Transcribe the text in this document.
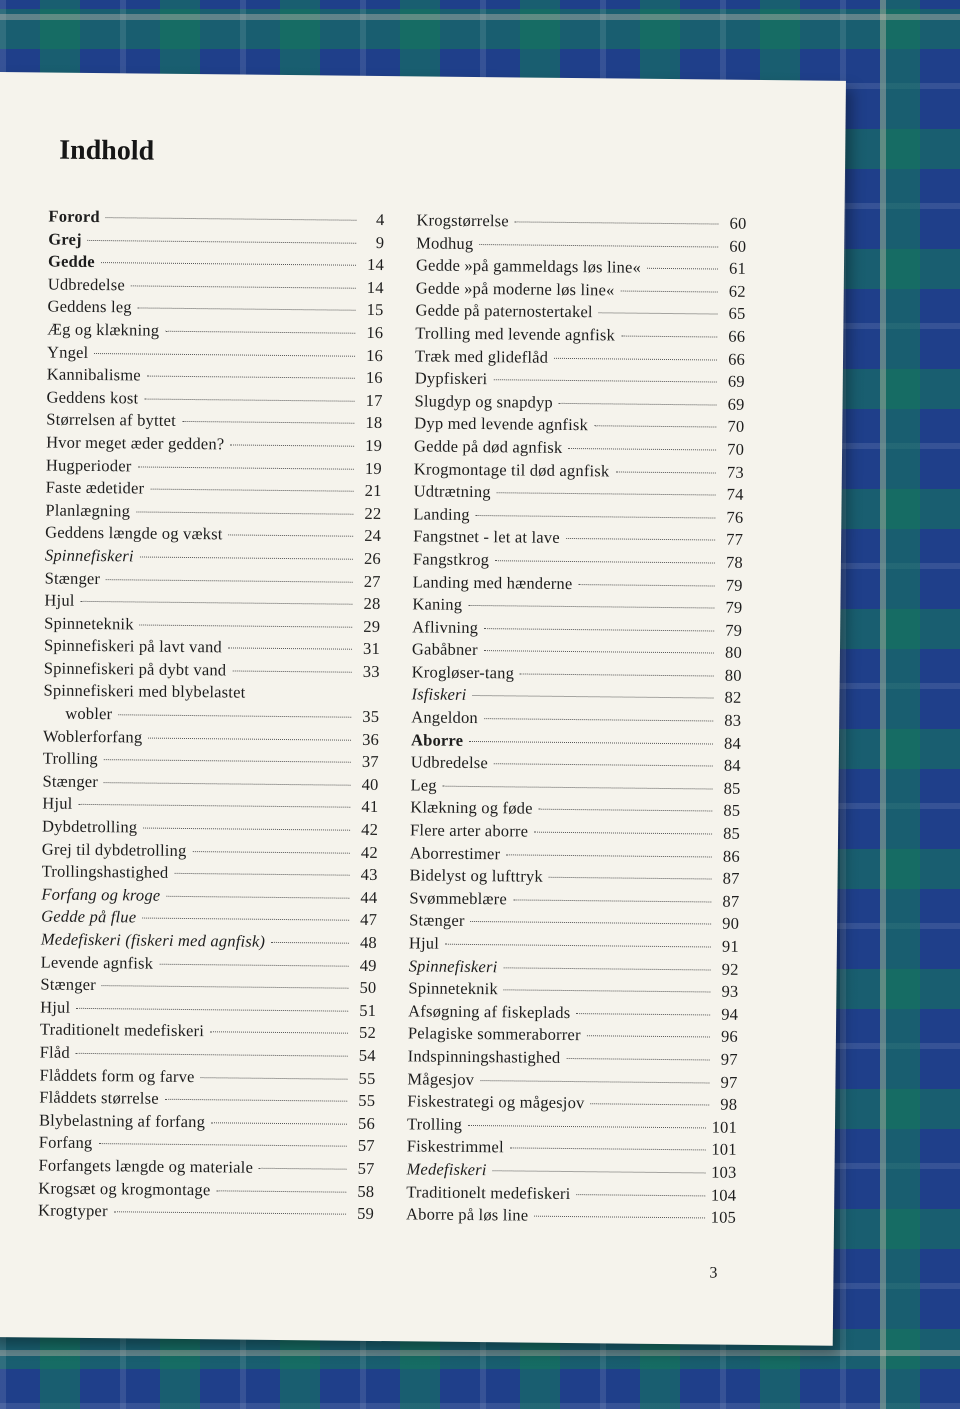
Indhold
Forord	4
Grej	9
Gedde	14
Udbredelse	14
Geddens leg	15
Æg og klækning	16
Yngel	16
Kannibalisme	16
Geddens kost	17
Størrelsen af byttet	18
Hvor meget æder gedden?	19
Hugperioder	19
Faste ædetider	21
Planlægning	22
Geddens længde og vækst	24
Spinnefiskeri	26
Stænger	27
Hjul	28
Spinneteknik	29
Spinnefiskeri på lavt vand	31
Spinnefiskeri på dybt vand	33
Spinnefiskeri med blybelastet
wobler	35
Woblerforfang	36
Trolling	37
Stænger	40
Hjul	41
Dybdetrolling	42
Grej til dybdetrolling	42
Trollingshastighed	43
Forfang og kroge	44
Gedde på flue	47
Medefiskeri (fiskeri med agnfisk)	48
Levende agnfisk	49
Stænger	50
Hjul	51
Traditionelt medefiskeri	52
Flåd	54
Flåddets form og farve	55
Flåddets størrelse	55
Blybelastning af forfang	56
Forfang	57
Forfangets længde og materiale	57
Krogsæt og krogmontage	58
Krogtyper	59
Krogstørrelse	60
Modhug	60
Gedde »på gammeldags løs line«	61
Gedde »på moderne løs line«	62
Gedde på paternostertakel	65
Trolling med levende agnfisk	66
Træk med glideflåd	66
Dypfiskeri	69
Slugdyp og snapdyp	69
Dyp med levende agnfisk	70
Gedde på død agnfisk	70
Krogmontage til død agnfisk	73
Udtrætning	74
Landing	76
Fangstnet - let at lave	77
Fangstkrog	78
Landing med hænderne	79
Kaning	79
Aflivning	79
Gabåbner	80
Krogløser-tang	80
Isfiskeri	82
Angeldon	83
Aborre	84
Udbredelse	84
Leg	85
Klækning og føde	85
Flere arter aborre	85
Aborrestimer	86
Bidelyst og lufttryk	87
Svømmeblære	87
Stænger	90
Hjul	91
Spinnefiskeri	92
Spinneteknik	93
Afsøgning af fiskeplads	94
Pelagiske sommeraborrer	96
Indspinningshastighed	97
Mågesjov	97
Fiskestrategi og mågesjov	98
Trolling	101
Fiskestrimmel	101
Medefiskeri	103
Traditionelt medefiskeri	104
Aborre på løs line	105
3
